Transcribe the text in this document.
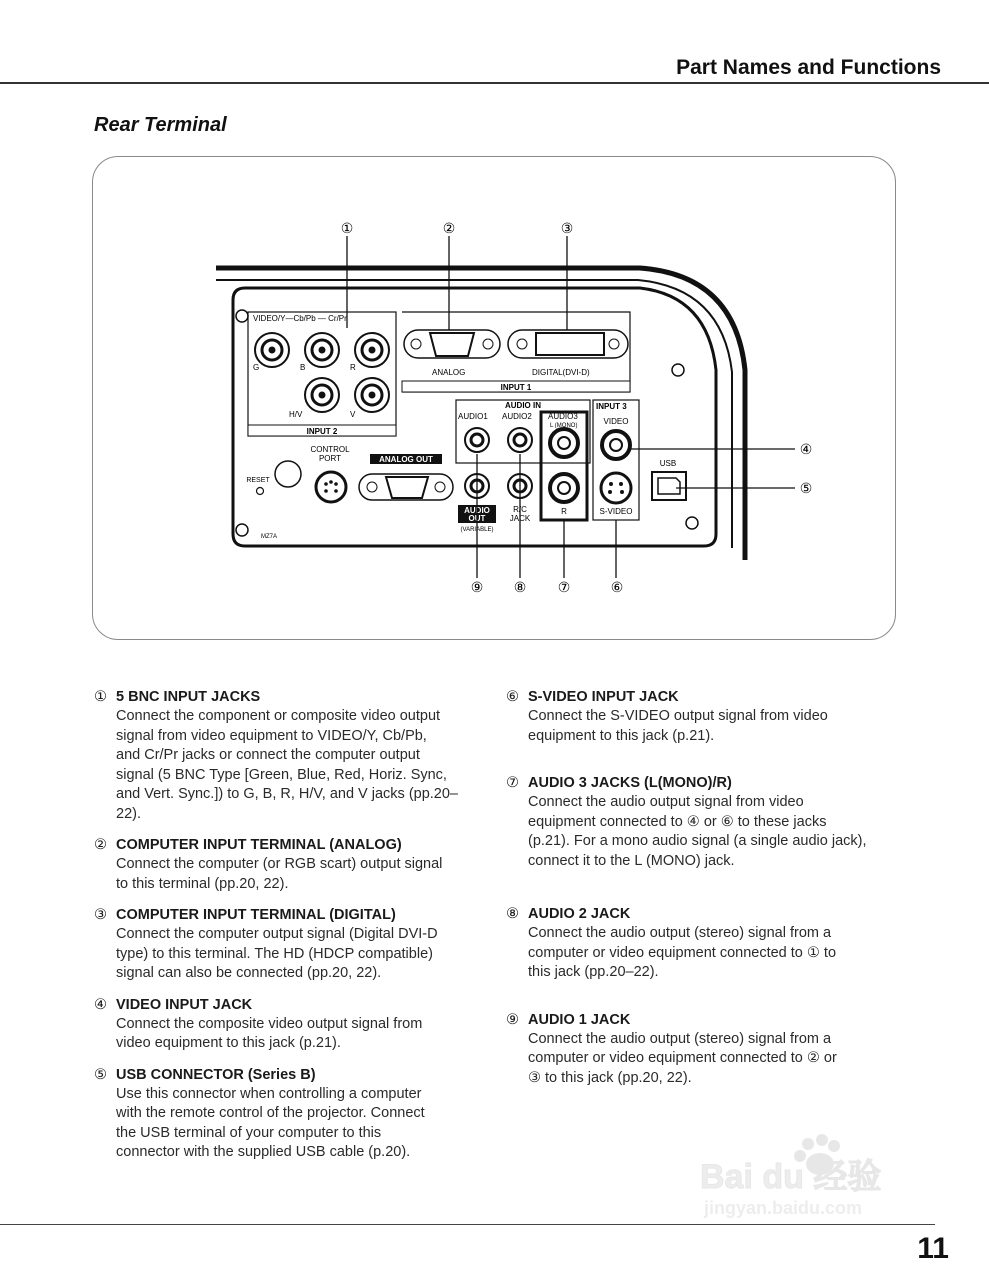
Part Names and Functions
Rear Terminal
VIDEO/Y—Cb/Pb — Cr/Pr
G	B	R
H/V	V
INPUT 2
ANALOG	DIGITAL(DVI-D)
INPUT 1
AUDIO IN
AUDIO1 AUDIO2 AUDIO3
L (MONO)
R
INPUT 3
VIDEO
S-VIDEO
USB
CONTROL
PORT	ANALOG OUT
RESET
AUDIO
OUT
(VARIABLE)
R/C
JACK
MZ7A
①	②	③
④
⑤
⑥
⑦
⑧
⑨
① 5 BNC INPUT JACKS
Connect the component or composite video output
signal from video equipment to VIDEO/Y, Cb/Pb,
and Cr/Pr jacks or connect the computer output
signal (5 BNC Type [Green, Blue, Red, Horiz. Sync,
and Vert. Sync.]) to G, B, R, H/V, and V jacks (pp.20–
22).
② COMPUTER INPUT TERMINAL (ANALOG)
Connect the computer (or RGB scart) output signal
to this terminal (pp.20, 22).
③ COMPUTER INPUT TERMINAL (DIGITAL)
Connect the computer output signal (Digital DVI-D
type) to this terminal. The HD (HDCP compatible)
signal can also be connected (pp.20, 22).
④ VIDEO INPUT JACK
Connect the composite video output signal from
video equipment to this jack (p.21).
⑤ USB CONNECTOR (Series B)
Use this connector when controlling a computer
with the remote control of the projector. Connect
the USB terminal of your computer to this
connector with the supplied USB cable (p.20).
⑥ S-VIDEO INPUT JACK
Connect the S-VIDEO output signal from video
equipment to this jack (p.21).
⑦ AUDIO 3 JACKS (L(MONO)/R)
Connect the audio output signal from video
equipment connected to ④ or ⑥ to these jacks
(p.21). For a mono audio signal (a single audio jack),
connect it to the L (MONO) jack.
⑧ AUDIO 2 JACK
Connect the audio output (stereo) signal from a
computer or video equipment connected to ① to
this jack (pp.20–22).
⑨ AUDIO 1 JACK
Connect the audio output (stereo) signal from a
computer or video equipment connected to ② or
③ to this jack (pp.20, 22).
Bai du 经验
jingyan.baidu.com
11
